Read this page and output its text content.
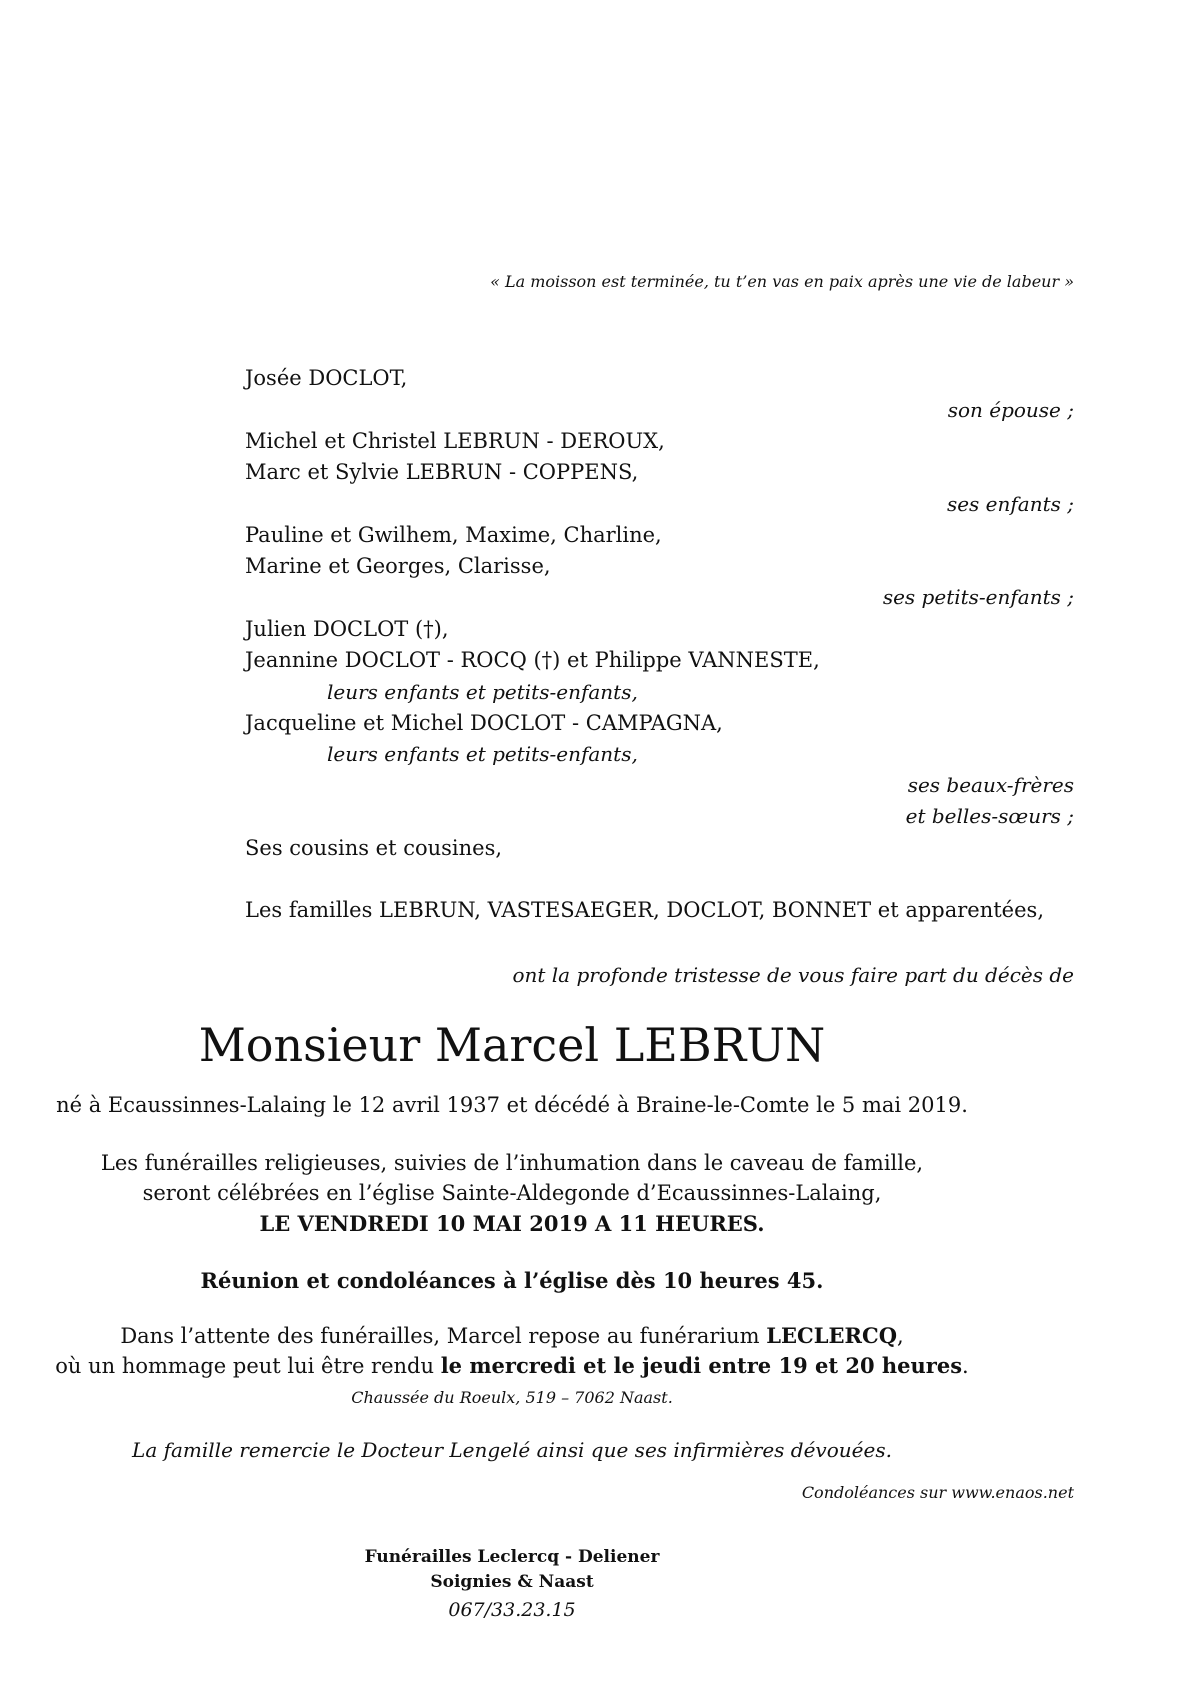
« La moisson est terminée, tu t’en vas en paix après une vie de labeur »

Josée DOCLOT,

son épouse ;

Michel et Christel LEBRUN - DEROUX,

Marc et Sylvie LEBRUN - COPPENS,

ses enfants ;

Pauline et Gwilhem, Maxime, Charline,

Marine et Georges, Clarisse,

ses petits-enfants ;

Julien DOCLOT (†),

Jeannine DOCLOT - ROCQ (†) et Philippe VANNESTE,

leurs enfants et petits-enfants,

Jacqueline et Michel DOCLOT - CAMPAGNA,

leurs enfants et petits-enfants,

ses beaux-frères

et belles-sœurs ;

Ses cousins et cousines,

Les familles LEBRUN, VASTESAEGER, DOCLOT, BONNET et apparentées,

ont la profonde tristesse de vous faire part du décès de

Monsieur Marcel LEBRUN

né à Ecaussinnes-Lalaing le 12 avril 1937 et décédé à Braine-le-Comte le 5 mai 2019.

Les funérailles religieuses, suivies de l’inhumation dans le caveau de famille,

seront célébrées en l’église Sainte-Aldegonde d’Ecaussinnes-Lalaing,

LE VENDREDI 10 MAI 2019 A 11 HEURES.

Réunion et condoléances à l’église dès 10 heures 45.

Dans l’attente des funérailles, Marcel repose au funérarium LECLERCQ,

où un hommage peut lui être rendu le mercredi et le jeudi entre 19 et 20 heures.

Chaussée du Roeulx, 519 – 7062 Naast.

La famille remercie le Docteur Lengelé ainsi que ses infirmières dévouées.

Condoléances sur www.enaos.net

Funérailles Leclercq - Deliener

Soignies & Naast

067/33.23.15
